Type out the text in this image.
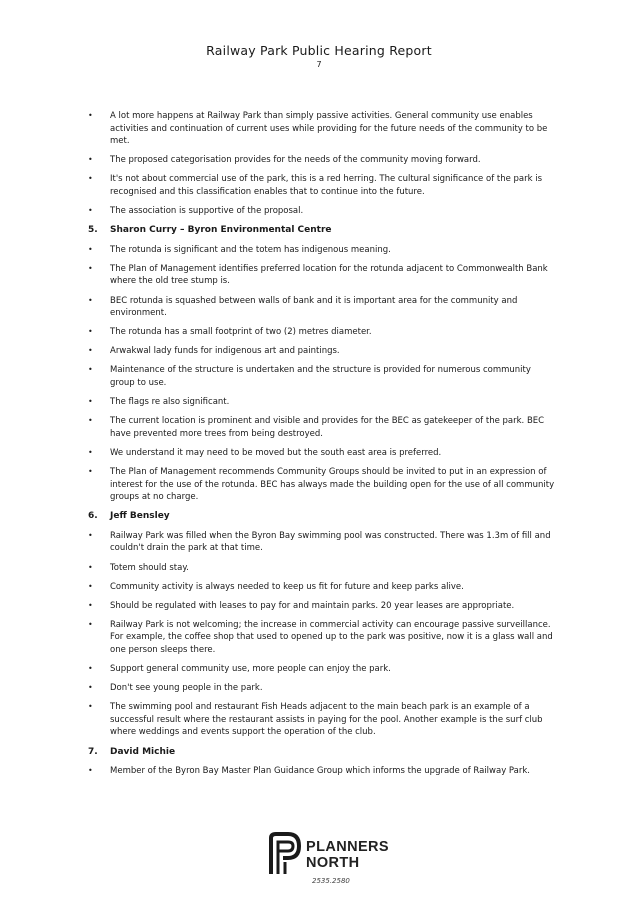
Railway Park Public Hearing Report
7
• A lot more happens at Railway Park than simply passive activities. General community use enables activities and continuation of current uses while providing for the future needs of the community to be met.
• The proposed categorisation provides for the needs of the community moving forward.
• It's not about commercial use of the park, this is a red herring. The cultural significance of the park is recognised and this classification enables that to continue into the future.
• The association is supportive of the proposal.
5.	Sharon Curry – Byron Environmental Centre
• The rotunda is significant and the totem has indigenous meaning.
• The Plan of Management identifies preferred location for the rotunda adjacent to Commonwealth Bank where the old tree stump is.
• BEC rotunda is squashed between walls of bank and it is important area for the community and environment.
• The rotunda has a small footprint of two (2) metres diameter.
• Arwakwal lady funds for indigenous art and paintings.
• Maintenance of the structure is undertaken and the structure is provided for numerous community group to use.
• The flags re also significant.
• The current location is prominent and visible and provides for the BEC as gatekeeper of the park. BEC have prevented more trees from being destroyed.
• We understand it may need to be moved but the south east area is preferred.
• The Plan of Management recommends Community Groups should be invited to put in an expression of interest for the use of the rotunda. BEC has always made the building open for the use of all community groups at no charge.
6.	Jeff Bensley
• Railway Park was filled when the Byron Bay swimming pool was constructed. There was 1.3m of fill and couldn't drain the park at that time.
• Totem should stay.
• Community activity is always needed to keep us fit for future and keep parks alive.
• Should be regulated with leases to pay for and maintain parks. 20 year leases are appropriate.
• Railway Park is not welcoming; the increase in commercial activity can encourage passive surveillance. For example, the coffee shop that used to opened up to the park was positive, now it is a glass wall and one person sleeps there.
• Support general community use, more people can enjoy the park.
• Don't see young people in the park.
• The swimming pool and restaurant Fish Heads adjacent to the main beach park is an example of a successful result where the restaurant assists in paying for the pool. Another example is the surf club where weddings and events support the operation of the club.
7.	David Michie
• Member of the Byron Bay Master Plan Guidance Group which informs the upgrade of Railway Park.
PLANNERS
NORTH
2535.2580
